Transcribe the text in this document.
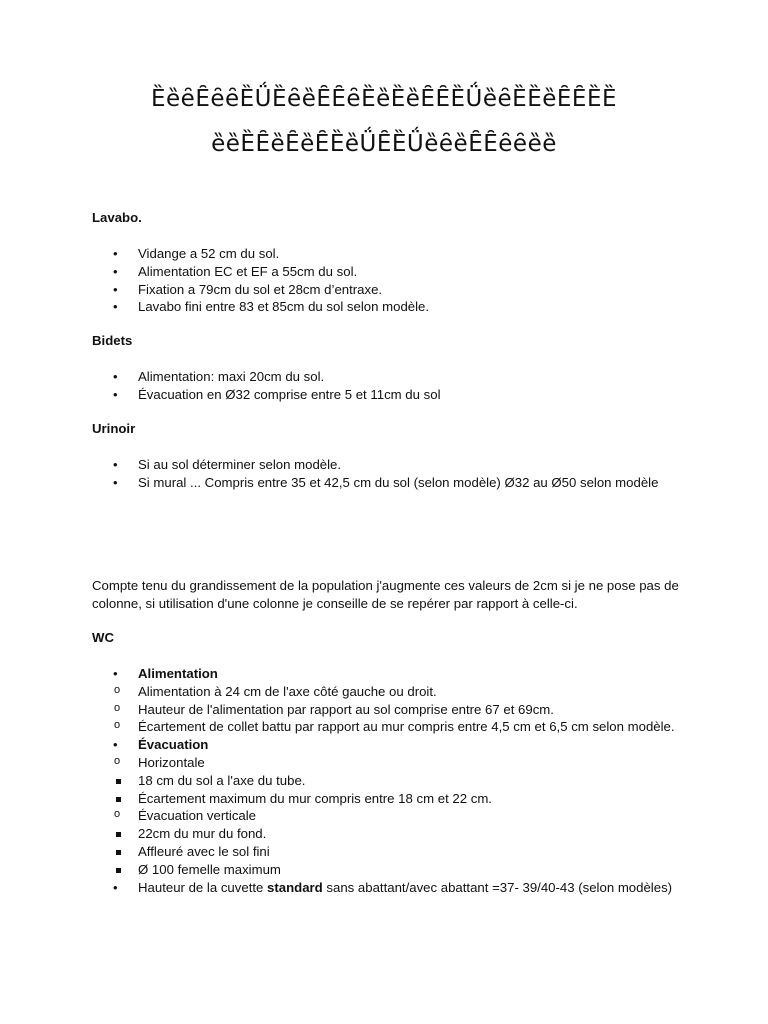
ȄȅȇȆȇȇȄǗȄȇȅȆȆȇȄȅȄȅȆȆȄǗȅȇȄȄȅȆȆȄȄ
ȅȅȄȆȅȆȅȆȄȅǗȆȄǗȅȇȅȆȆȇȇȅȅ
Lavabo.
• Vidange a 52 cm du sol.
• Alimentation EC et EF a 55cm du sol.
• Fixation a 79cm du sol et 28cm d’entraxe.
• Lavabo fini entre 83 et 85cm du sol selon modèle.
Bidets
• Alimentation: maxi 20cm du sol.
• Évacuation en Ø32 comprise entre 5 et 11cm du sol
Urinoir
• Si au sol déterminer selon modèle.
• Si mural ... Compris entre 35 et 42,5 cm du sol (selon modèle) Ø32 au Ø50 selon modèle
Compte tenu du grandissement de la population j'augmente ces valeurs de 2cm si je ne pose pas de colonne, si utilisation d'une colonne je conseille de se repérer par rapport à celle-ci.
WC
• Alimentation
o Alimentation à 24 cm de l'axe côté gauche ou droit.
o Hauteur de l'alimentation par rapport au sol comprise entre 67 et 69cm.
o Écartement de collet battu par rapport au mur compris entre 4,5 cm et 6,5 cm selon modèle.
• Évacuation
o Horizontale
18 cm du sol a l'axe du tube.
Écartement maximum du mur compris entre 18 cm et 22 cm.
o Évacuation verticale
22cm du mur du fond.
Affleuré avec le sol fini
Ø 100 femelle maximum
• Hauteur de la cuvette standard sans abattant/avec abattant =37- 39/40-43 (selon modèles)
